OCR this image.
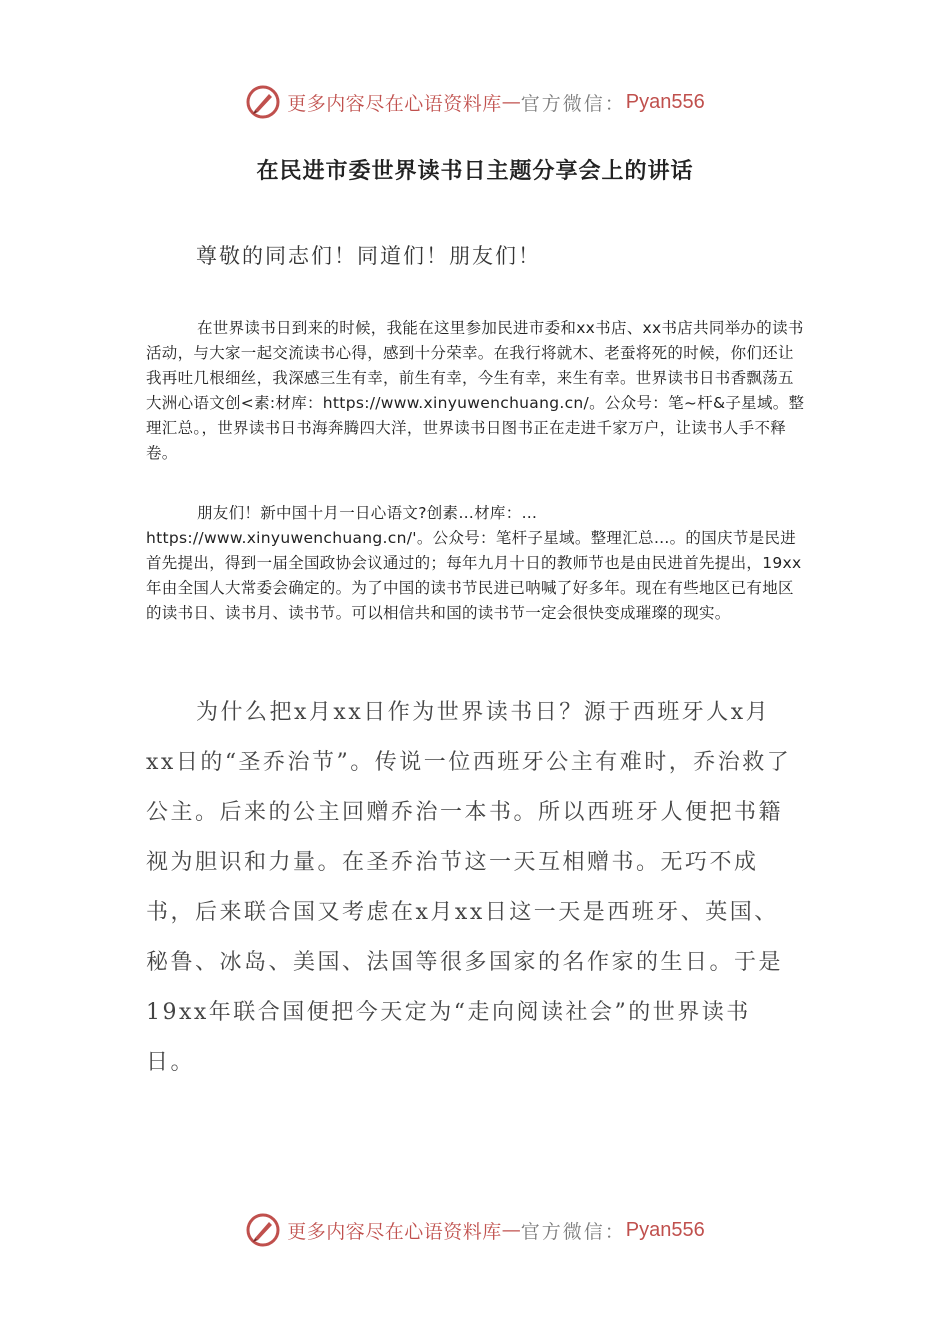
更多内容尽在心语资料库 — 官方微信： Pyan556
在民进市委世界读书日主题分享会上的讲话
尊敬的同志们！同道们！朋友们！

在世界读书日到来的时候，我能在这里参加民进市委和xx书店、xx书店共同举办的读书活动，与大家一起交流读书心得，感到十分荣幸。在我行将就木、老蚕将死的时候，你们还让我再吐几根细丝，我深感三生有幸，前生有幸，今生有幸，来生有幸。世界读书日书香飘荡五大洲心语文创<素:材库：https://www.xinyuwenchuang.cn/。公众号：笔~杆&子星域。整理汇总。，世界读书日书海奔腾四大洋，世界读书日图书正在走进千家万户，让读书人手不释卷。

朋友们！新中国十月一日心语文?创素…材库：…https://www.xinyuwenchuang.cn/'。公众号：笔杆子星域。整理汇总…。的国庆节是民进首先提出，得到一届全国政协会议通过的；每年九月十日的教师节也是由民进首先提出，19xx年由全国人大常委会确定的。为了中国的读书节民进已呐喊了好多年。现在有些地区已有地区的读书日、读书月、读书节。可以相信共和国的读书节一定会很快变成璀璨的现实。

为什么把x月xx日作为世界读书日？源于西班牙人x月xx日的“圣乔治节”。传说一位西班牙公主有难时，乔治救了公主。后来的公主回赠乔治一本书。所以西班牙人便把书籍视为胆识和力量。在圣乔治节这一天互相赠书。无巧不成书，后来联合国又考虑在x月xx日这一天是西班牙、英国、秘鲁、冰岛、美国、法国等很多国家的名作家的生日。于是19xx年联合国便把今天定为“走向阅读社会”的世界读书日。

更多内容尽在心语资料库 — 官方微信： Pyan556
